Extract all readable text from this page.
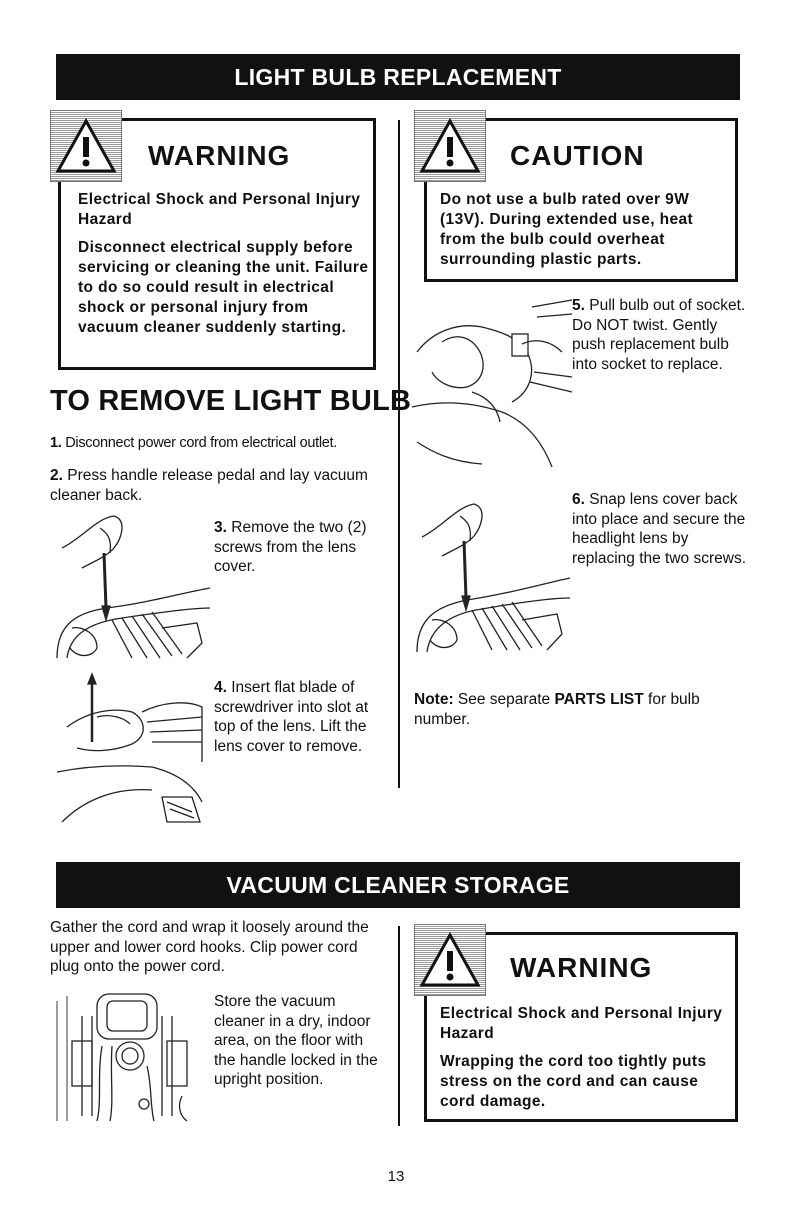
LIGHT BULB REPLACEMENT
WARNING

Electrical Shock and Personal Injury Hazard

Disconnect electrical supply before servicing or cleaning the unit. Failure to do so could result in electrical shock or personal injury from vacuum cleaner suddenly starting.

CAUTION
Do not use a bulb rated over 9W (13V). During extended use, heat from the bulb could overheat surrounding plastic parts.
TO REMOVE LIGHT BULB
1. Disconnect power cord from electrical outlet.
2. Press handle release pedal and lay vacuum cleaner back.
3. Remove the two (2) screws from the lens cover.
4. Insert flat blade of screwdriver into slot at top of the lens. Lift the lens cover to remove.
5. Pull bulb out of socket. Do NOT twist. Gently push replacement bulb into socket to replace.
6. Snap lens cover back into place and secure the headlight lens by replacing the two screws.
Note: See separate PARTS LIST for bulb number.
VACUUM CLEANER STORAGE
Gather the cord and wrap it loosely around the upper and lower cord hooks. Clip power cord plug onto the power cord.
Store the vacuum cleaner in a dry, indoor area, on the floor with the handle locked in the upright position.
WARNING

Electrical Shock and Personal Injury Hazard

Wrapping the cord too tightly puts stress on the cord and can cause cord damage.

13
